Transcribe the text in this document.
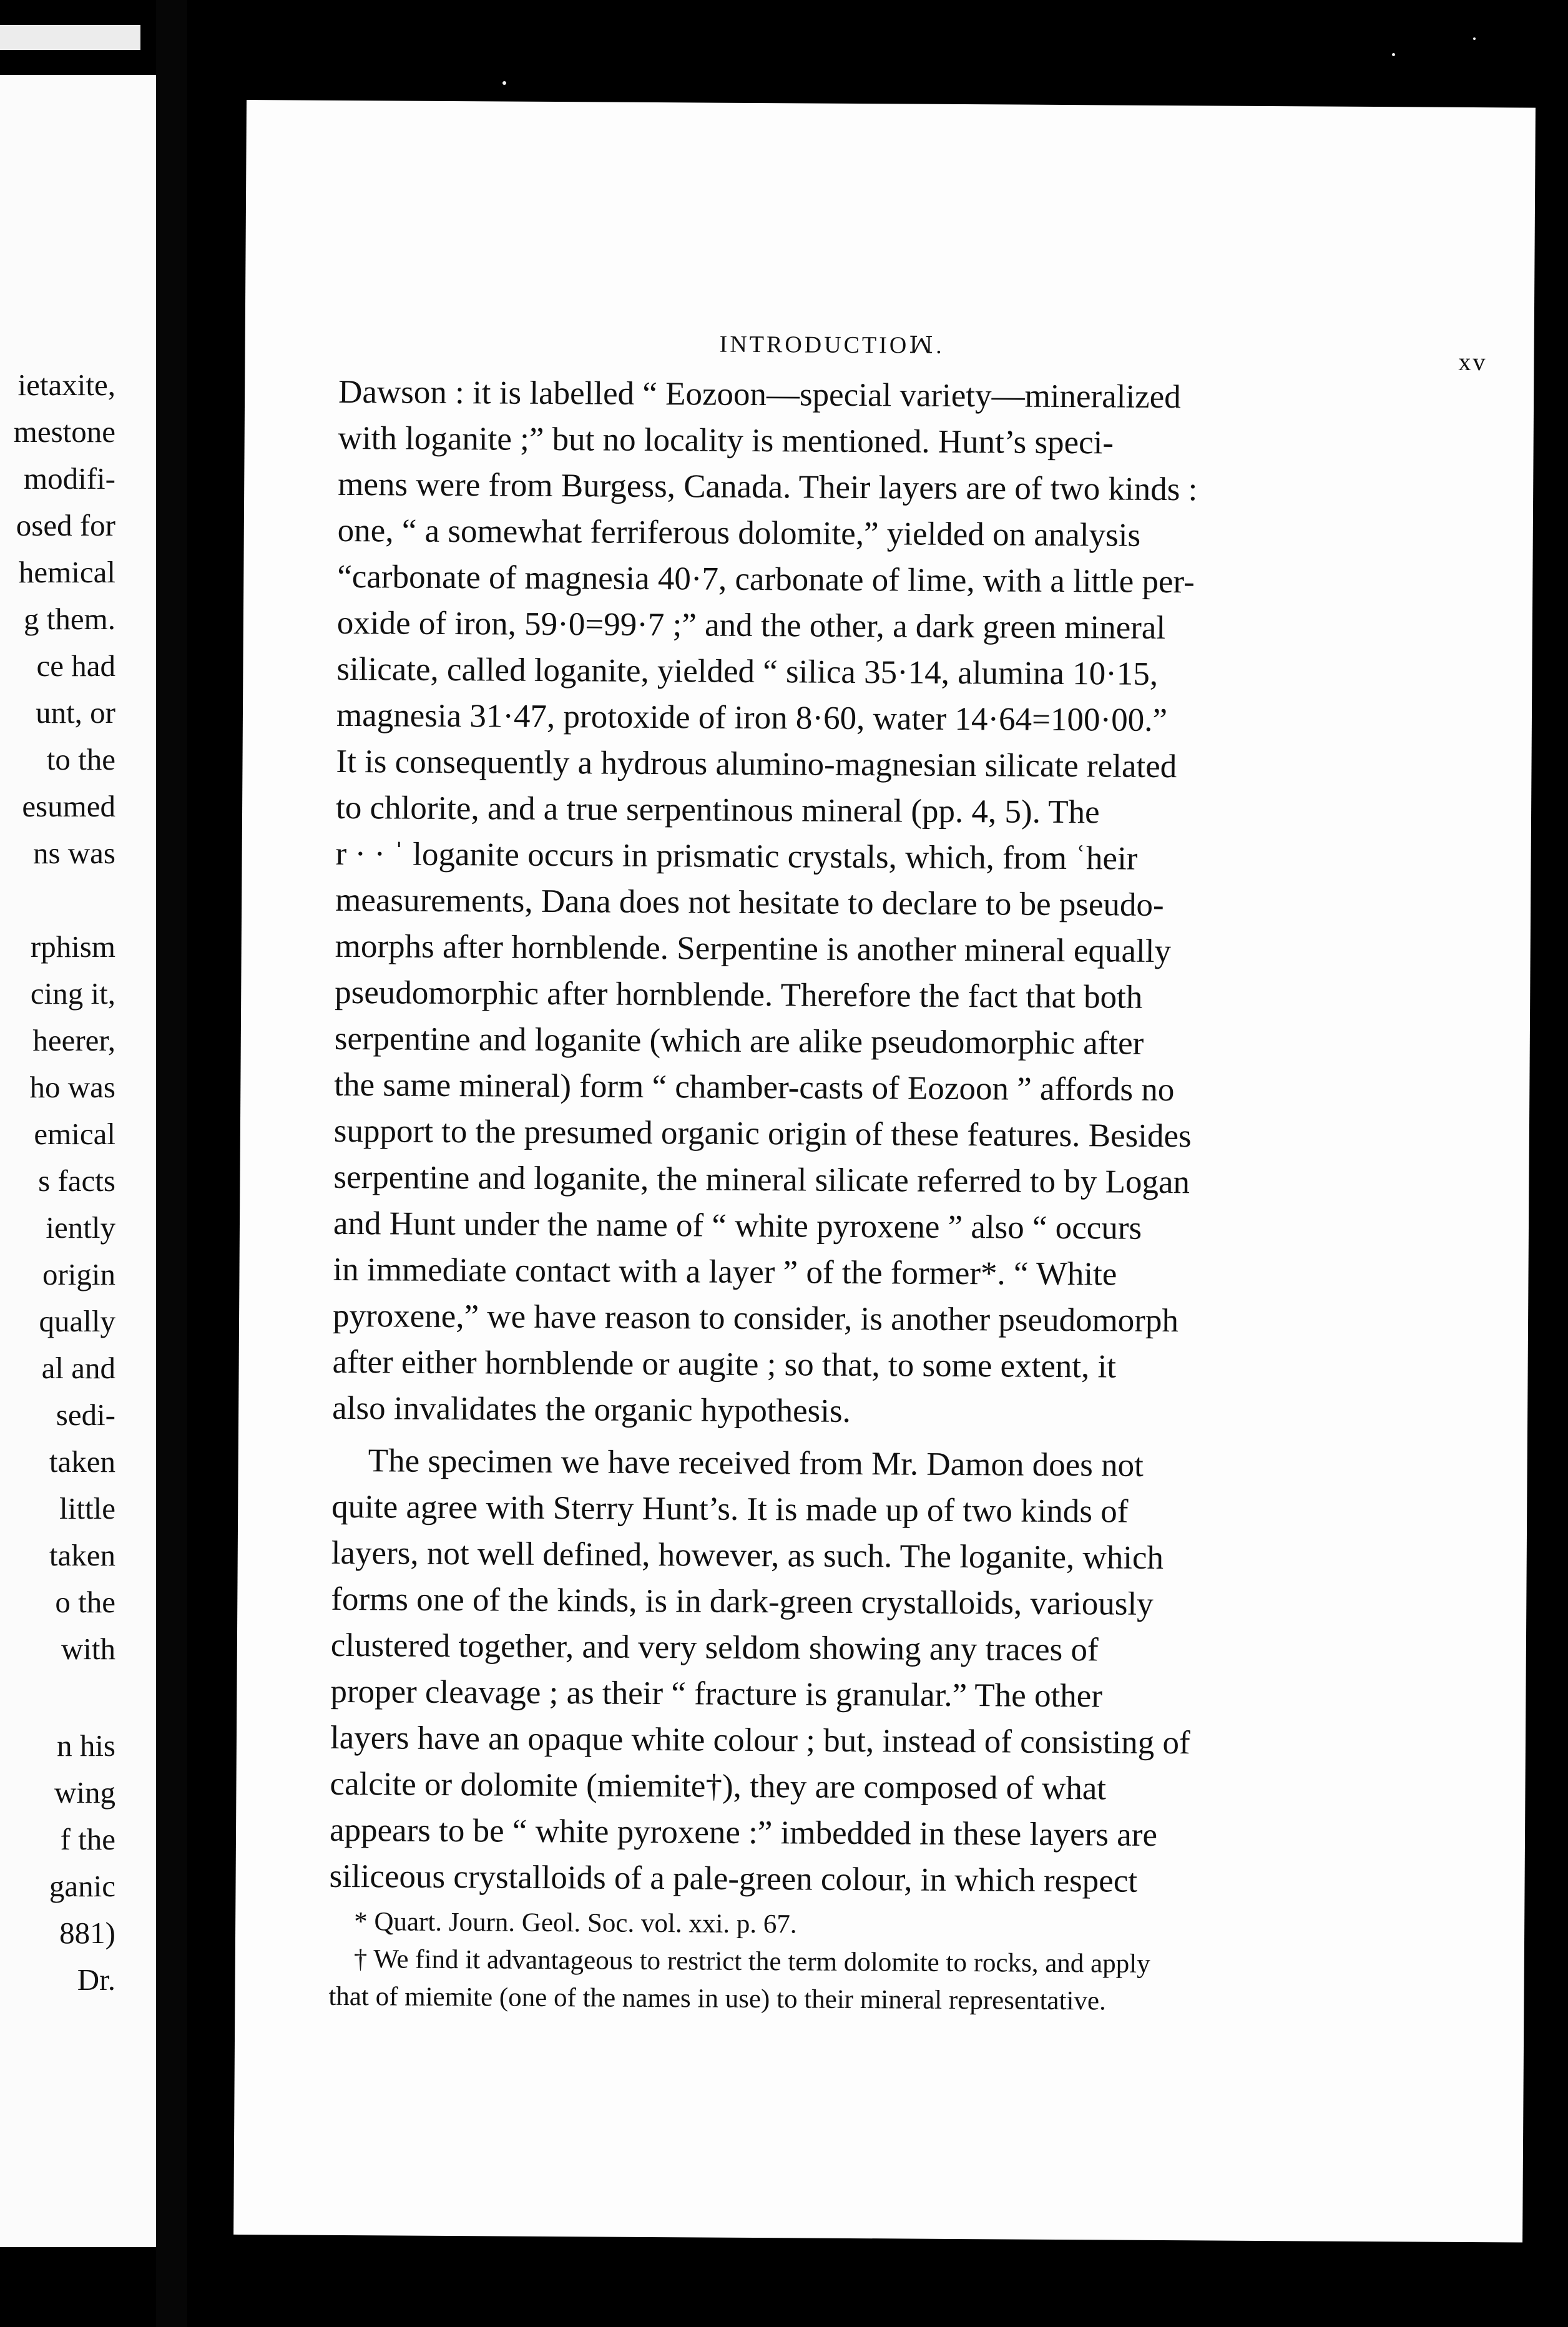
ietaxite,
mestone
modifi-
osed for
hemical
g them.
ce had
unt, or
to the
esumed
ns was
rphism
cing it,
heerer,
ho was
emical
s facts
iently
origin
qually
al and
sedi-
taken
little
taken
o the
with
n his
wing
f the
ganic
881)
Dr.
INTRODUCTIOꟽ.
xv
Dawson : it is labelled “ Eozoon—special variety—mineralized
with loganite ;” but no locality is mentioned. Hunt’s speci-
mens were from Burgess, Canada. Their layers are of two kinds :
one, “ a somewhat ferriferous dolomite,” yielded on analysis
“carbonate of magnesia 40·7, carbonate of lime, with a little per-
oxide of iron, 59·0=99·7 ;” and the other, a dark green mineral
silicate, called loganite, yielded “ silica 35·14, alumina 10·15,
magnesia 31·47, protoxide of iron 8·60, water 14·64=100·00.”
It is consequently a hydrous alumino-magnesian silicate related
to chlorite, and a true serpentinous mineral (pp. 4, 5). The
r · · ˈ loganite occurs in prismatic crystals, which, from ʿheir
measurements, Dana does not hesitate to declare to be pseudo-
morphs after hornblende. Serpentine is another mineral equally
pseudomorphic after hornblende. Therefore the fact that both
serpentine and loganite (which are alike pseudomorphic after
the same mineral) form “ chamber-casts of Eozoon ” affords no
support to the presumed organic origin of these features. Besides
serpentine and loganite, the mineral silicate referred to by Logan
and Hunt under the name of “ white pyroxene ” also “ occurs
in immediate contact with a layer ” of the former*. “ White
pyroxene,” we have reason to consider, is another pseudomorph
after either hornblende or augite ; so that, to some extent, it
also invalidates the organic hypothesis.
The specimen we have received from Mr. Damon does not
quite agree with Sterry Hunt’s. It is made up of two kinds of
layers, not well defined, however, as such. The loganite, which
forms one of the kinds, is in dark-green crystalloids, variously
clustered together, and very seldom showing any traces of
proper cleavage ; as their “ fracture is granular.” The other
layers have an opaque white colour ; but, instead of consisting of
calcite or dolomite (miemite†), they are composed of what
appears to be “ white pyroxene :” imbedded in these layers are
siliceous crystalloids of a pale-green colour, in which respect
* Quart. Journ. Geol. Soc. vol. xxi. p. 67.
† We find it advantageous to restrict the term dolomite to rocks, and apply
that of miemite (one of the names in use) to their mineral representative.
